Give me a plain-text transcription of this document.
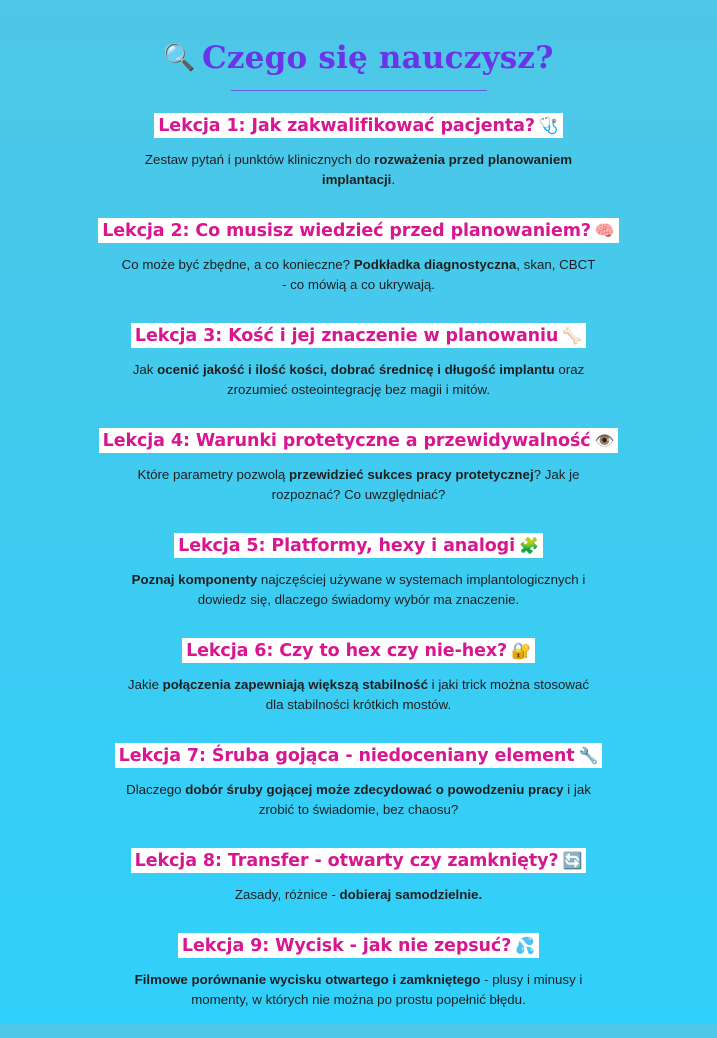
🔍 Czego się nauczysz?
Lekcja 1: Jak zakwalifikować pacjenta? 🩺
Zestaw pytań i punktów klinicznych do rozważenia przed planowaniem implantacji.
Lekcja 2: Co musisz wiedzieć przed planowaniem? 🧠
Co może być zbędne, a co konieczne? Podkładka diagnostyczna, skan, CBCT - co mówią a co ukrywają.
Lekcja 3: Kość i jej znaczenie w planowaniu 🦴
Jak ocenić jakość i ilość kości, dobrać średnicę i długość implantu oraz zrozumieć osteointegrację bez magii i mitów.
Lekcja 4: Warunki protetyczne a przewidywalność 👁️
Które parametry pozwolą przewidzieć sukces pracy protetycznej? Jak je rozpoznać? Co uwzględniać?
Lekcja 5: Platformy, hexy i analogi 🧩
Poznaj komponenty najczęściej używane w systemach implantologicznych i dowiedz się, dlaczego świadomy wybór ma znaczenie.
Lekcja 6: Czy to hex czy nie-hex? 🔐
Jakie połączenia zapewniają większą stabilność i jaki trick można stosować dla stabilności krótkich mostów.
Lekcja 7: Śruba gojąca - niedoceniany element 🔧
Dlaczego dobór śruby gojącej może zdecydować o powodzeniu pracy i jak zrobić to świadomie, bez chaosu?
Lekcja 8: Transfer - otwarty czy zamknięty? 🔄
Zasady, różnice - dobieraj samodzielnie.
Lekcja 9: Wycisk - jak nie zepsuć? 💦
Filmowe porównanie wycisku otwartego i zamkniętego - plusy i minusy i momenty, w których nie można po prostu popełnić błędu.
